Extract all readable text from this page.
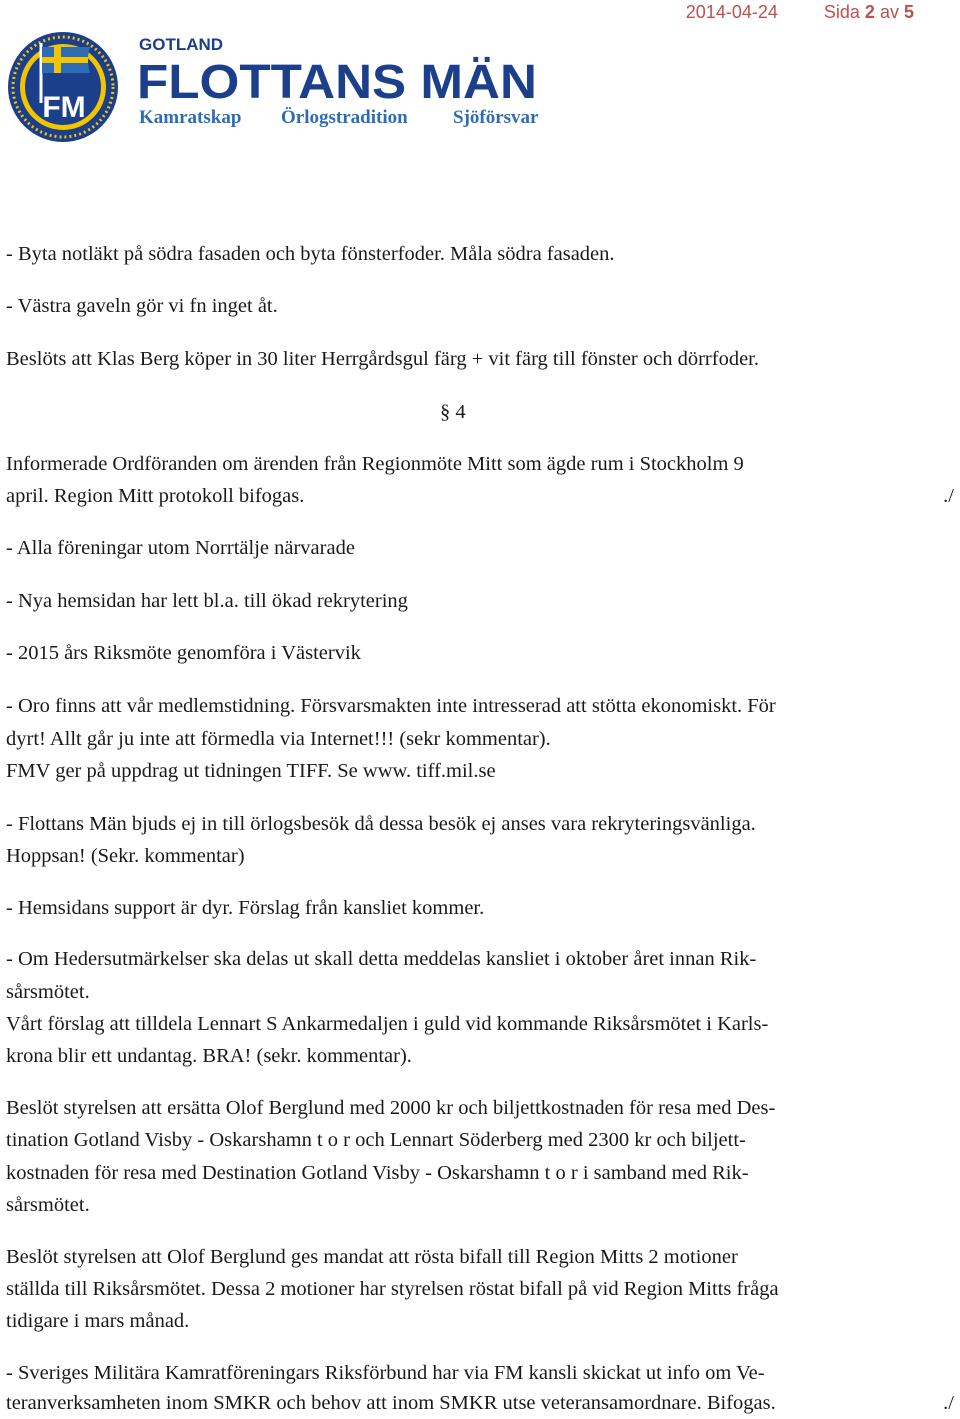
2014-04-24	Sida 2 av 5
FM
GOTLAND
FLOTTANS MÄN
Kamratskap Örlogstradition Sjöförsvar
- Byta notläkt på södra fasaden och byta fönsterfoder. Måla södra fasaden.
- Västra gaveln gör vi fn inget åt.
Beslöts att Klas Berg köper in 30 liter Herrgårdsgul färg + vit färg till fönster och dörrfoder.
§ 4
Informerade Ordföranden om ärenden från Regionmöte Mitt som ägde rum i Stockholm 9
april. Region Mitt protokoll bifogas.	./
- Alla föreningar utom Norrtälje närvarade
- Nya hemsidan har lett bl.a. till ökad rekrytering
- 2015 års Riksmöte genomföra i Västervik
- Oro finns att vår medlemstidning. Försvarsmakten inte intresserad att stötta ekonomiskt. För
dyrt! Allt går ju inte att förmedla via Internet!!! (sekr kommentar).
FMV ger på uppdrag ut tidningen TIFF. Se www. tiff.mil.se
- Flottans Män bjuds ej in till örlogsbesök då dessa besök ej anses vara rekryteringsvänliga.
Hoppsan! (Sekr. kommentar)
- Hemsidans support är dyr. Förslag från kansliet kommer.
- Om Hedersutmärkelser ska delas ut skall detta meddelas kansliet i oktober året innan Rik-
sårsmötet.
Vårt förslag att tilldela Lennart S Ankarmedaljen i guld vid kommande Riksårsmötet i Karls-
krona blir ett undantag. BRA! (sekr. kommentar).
Beslöt styrelsen att ersätta Olof Berglund med 2000 kr och biljettkostnaden för resa med Des-
tination Gotland Visby - Oskarshamn t o r och Lennart Söderberg med 2300 kr och biljett-
kostnaden för resa med Destination Gotland Visby - Oskarshamn t o r i samband med Rik-
sårsmötet.
Beslöt styrelsen att Olof Berglund ges mandat att rösta bifall till Region Mitts 2 motioner
ställda till Riksårsmötet. Dessa 2 motioner har styrelsen röstat bifall på vid Region Mitts fråga
tidigare i mars månad.
- Sveriges Militära Kamratföreningars Riksförbund har via FM kansli skickat ut info om Ve-
teranverksamheten inom SMKR och behov att inom SMKR utse veteransamordnare. Bifogas.	./
